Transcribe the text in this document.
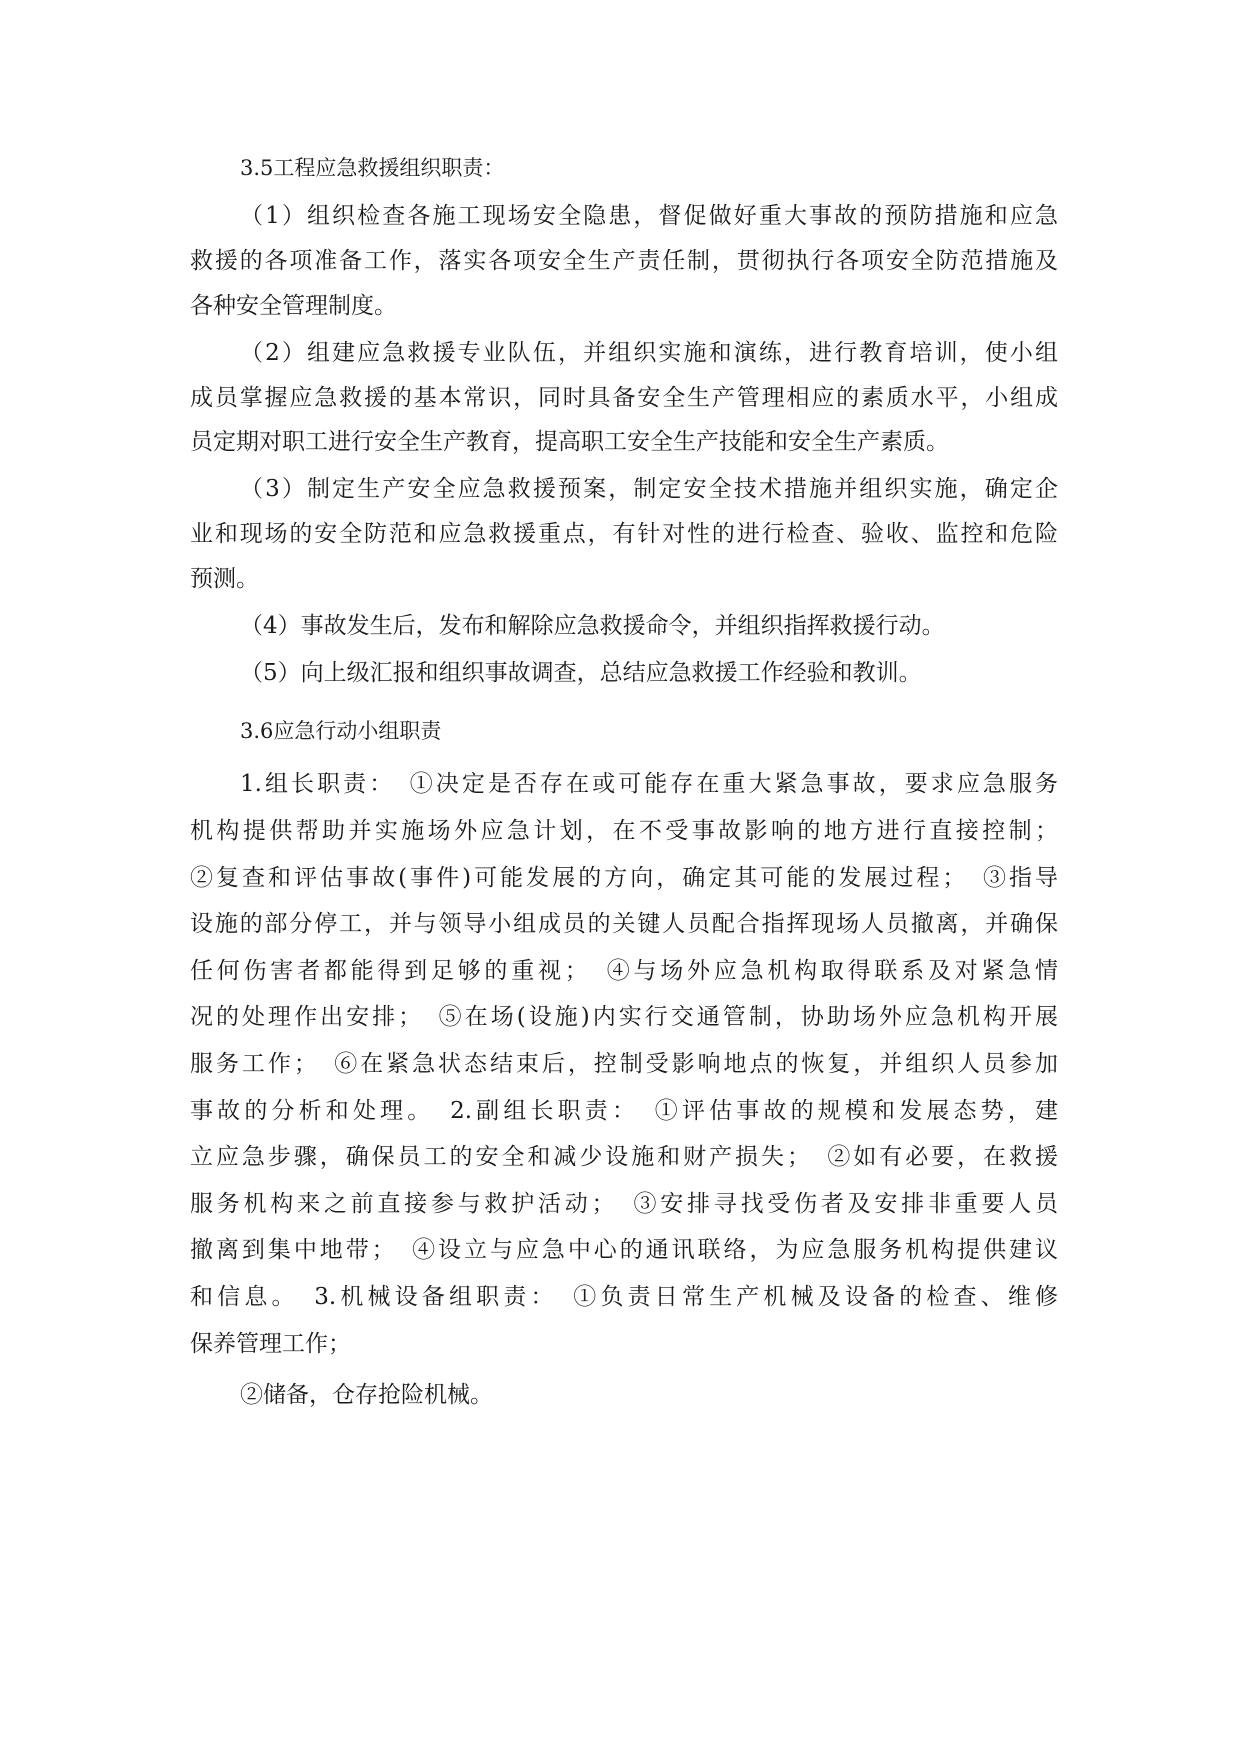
3.5工程应急救援组织职责：
（1）组织检查各施工现场安全隐患，督促做好重大事故的预防措施和应急
救援的各项准备工作，落实各项安全生产责任制，贯彻执行各项安全防范措施及
各种安全管理制度。
（2）组建应急救援专业队伍，并组织实施和演练，进行教育培训，使小组
成员掌握应急救援的基本常识，同时具备安全生产管理相应的素质水平，小组成
员定期对职工进行安全生产教育，提高职工安全生产技能和安全生产素质。
（3）制定生产安全应急救援预案，制定安全技术措施并组织实施，确定企
业和现场的安全防范和应急救援重点，有针对性的进行检查、验收、监控和危险
预测。
（4）事故发生后，发布和解除应急救援命令，并组织指挥救援行动。
（5）向上级汇报和组织事故调查，总结应急救援工作经验和教训。
3.6应急行动小组职责
1.组长职责：　①决定是否存在或可能存在重大紧急事故，要求应急服务
机构提供帮助并实施场外应急计划，在不受事故影响的地方进行直接控制；
②复查和评估事故(事件)可能发展的方向，确定其可能的发展过程；　③指导
设施的部分停工，并与领导小组成员的关键人员配合指挥现场人员撤离，并确保
任何伤害者都能得到足够的重视；　④与场外应急机构取得联系及对紧急情
况的处理作出安排；　⑤在场(设施)内实行交通管制，协助场外应急机构开展
服务工作；　⑥在紧急状态结束后，控制受影响地点的恢复，并组织人员参加
事故的分析和处理。　2.副组长职责：　①评估事故的规模和发展态势，建
立应急步骤，确保员工的安全和减少设施和财产损失；　②如有必要，在救援
服务机构来之前直接参与救护活动；　③安排寻找受伤者及安排非重要人员
撤离到集中地带；　④设立与应急中心的通讯联络，为应急服务机构提供建议
和信息。　3.机械设备组职责：　①负责日常生产机械及设备的检查、维修
保养管理工作；
②储备，仓存抢险机械。
